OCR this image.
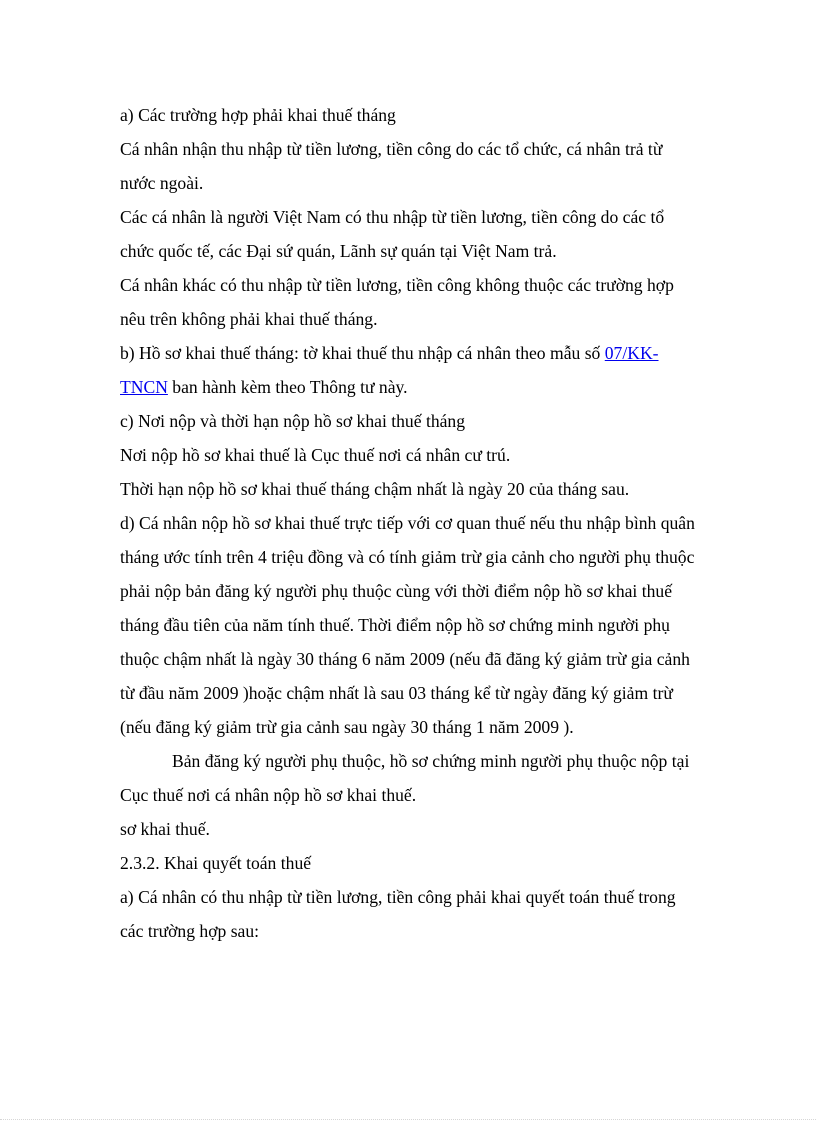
a) Các trường hợp phải khai thuế tháng

Cá nhân nhận thu nhập từ tiền lương, tiền công do các tổ chức, cá nhân trả từ nước ngoài.

Các cá nhân là người Việt Nam có thu nhập từ tiền lương, tiền công do các tổ chức quốc tế, các Đại sứ quán, Lãnh sự quán tại Việt Nam trả.

Cá nhân khác có thu nhập từ tiền lương, tiền công không thuộc các trường hợp nêu trên không phải khai thuế tháng.

b) Hồ sơ khai thuế tháng: tờ khai thuế thu nhập cá nhân theo mẫu số 07/KK-TNCN ban hành kèm theo Thông tư này.

c) Nơi nộp và thời hạn nộp hồ sơ khai thuế tháng

Nơi nộp hồ sơ khai thuế là Cục thuế nơi cá nhân cư trú.

Thời hạn nộp hồ sơ khai thuế tháng chậm nhất là ngày 20 của tháng sau.

d) Cá nhân nộp hồ sơ khai thuế trực tiếp với cơ quan thuế nếu thu nhập bình quân tháng ước tính trên 4 triệu đồng và có tính giảm trừ gia cảnh cho người phụ thuộc phải nộp bản đăng ký người phụ thuộc cùng với thời điểm nộp hồ sơ khai thuế tháng đầu tiên của năm tính thuế. Thời điểm nộp hồ sơ chứng minh người phụ thuộc chậm nhất là ngày 30 tháng 6 năm 2009 (nếu đã đăng ký giảm trừ gia cảnh từ đầu năm 2009 )hoặc chậm nhất là sau 03 tháng kể từ ngày đăng ký giảm trừ (nếu đăng ký giảm trừ gia cảnh sau ngày 30 tháng 1 năm 2009 ).

Bản đăng ký người phụ thuộc, hồ sơ chứng minh người phụ thuộc nộp tại Cục thuế nơi cá nhân nộp hồ sơ khai thuế.

sơ khai thuế.

2.3.2. Khai quyết toán thuế

a) Cá nhân có thu nhập từ tiền lương, tiền công phải khai quyết toán thuế trong các trường hợp sau:
